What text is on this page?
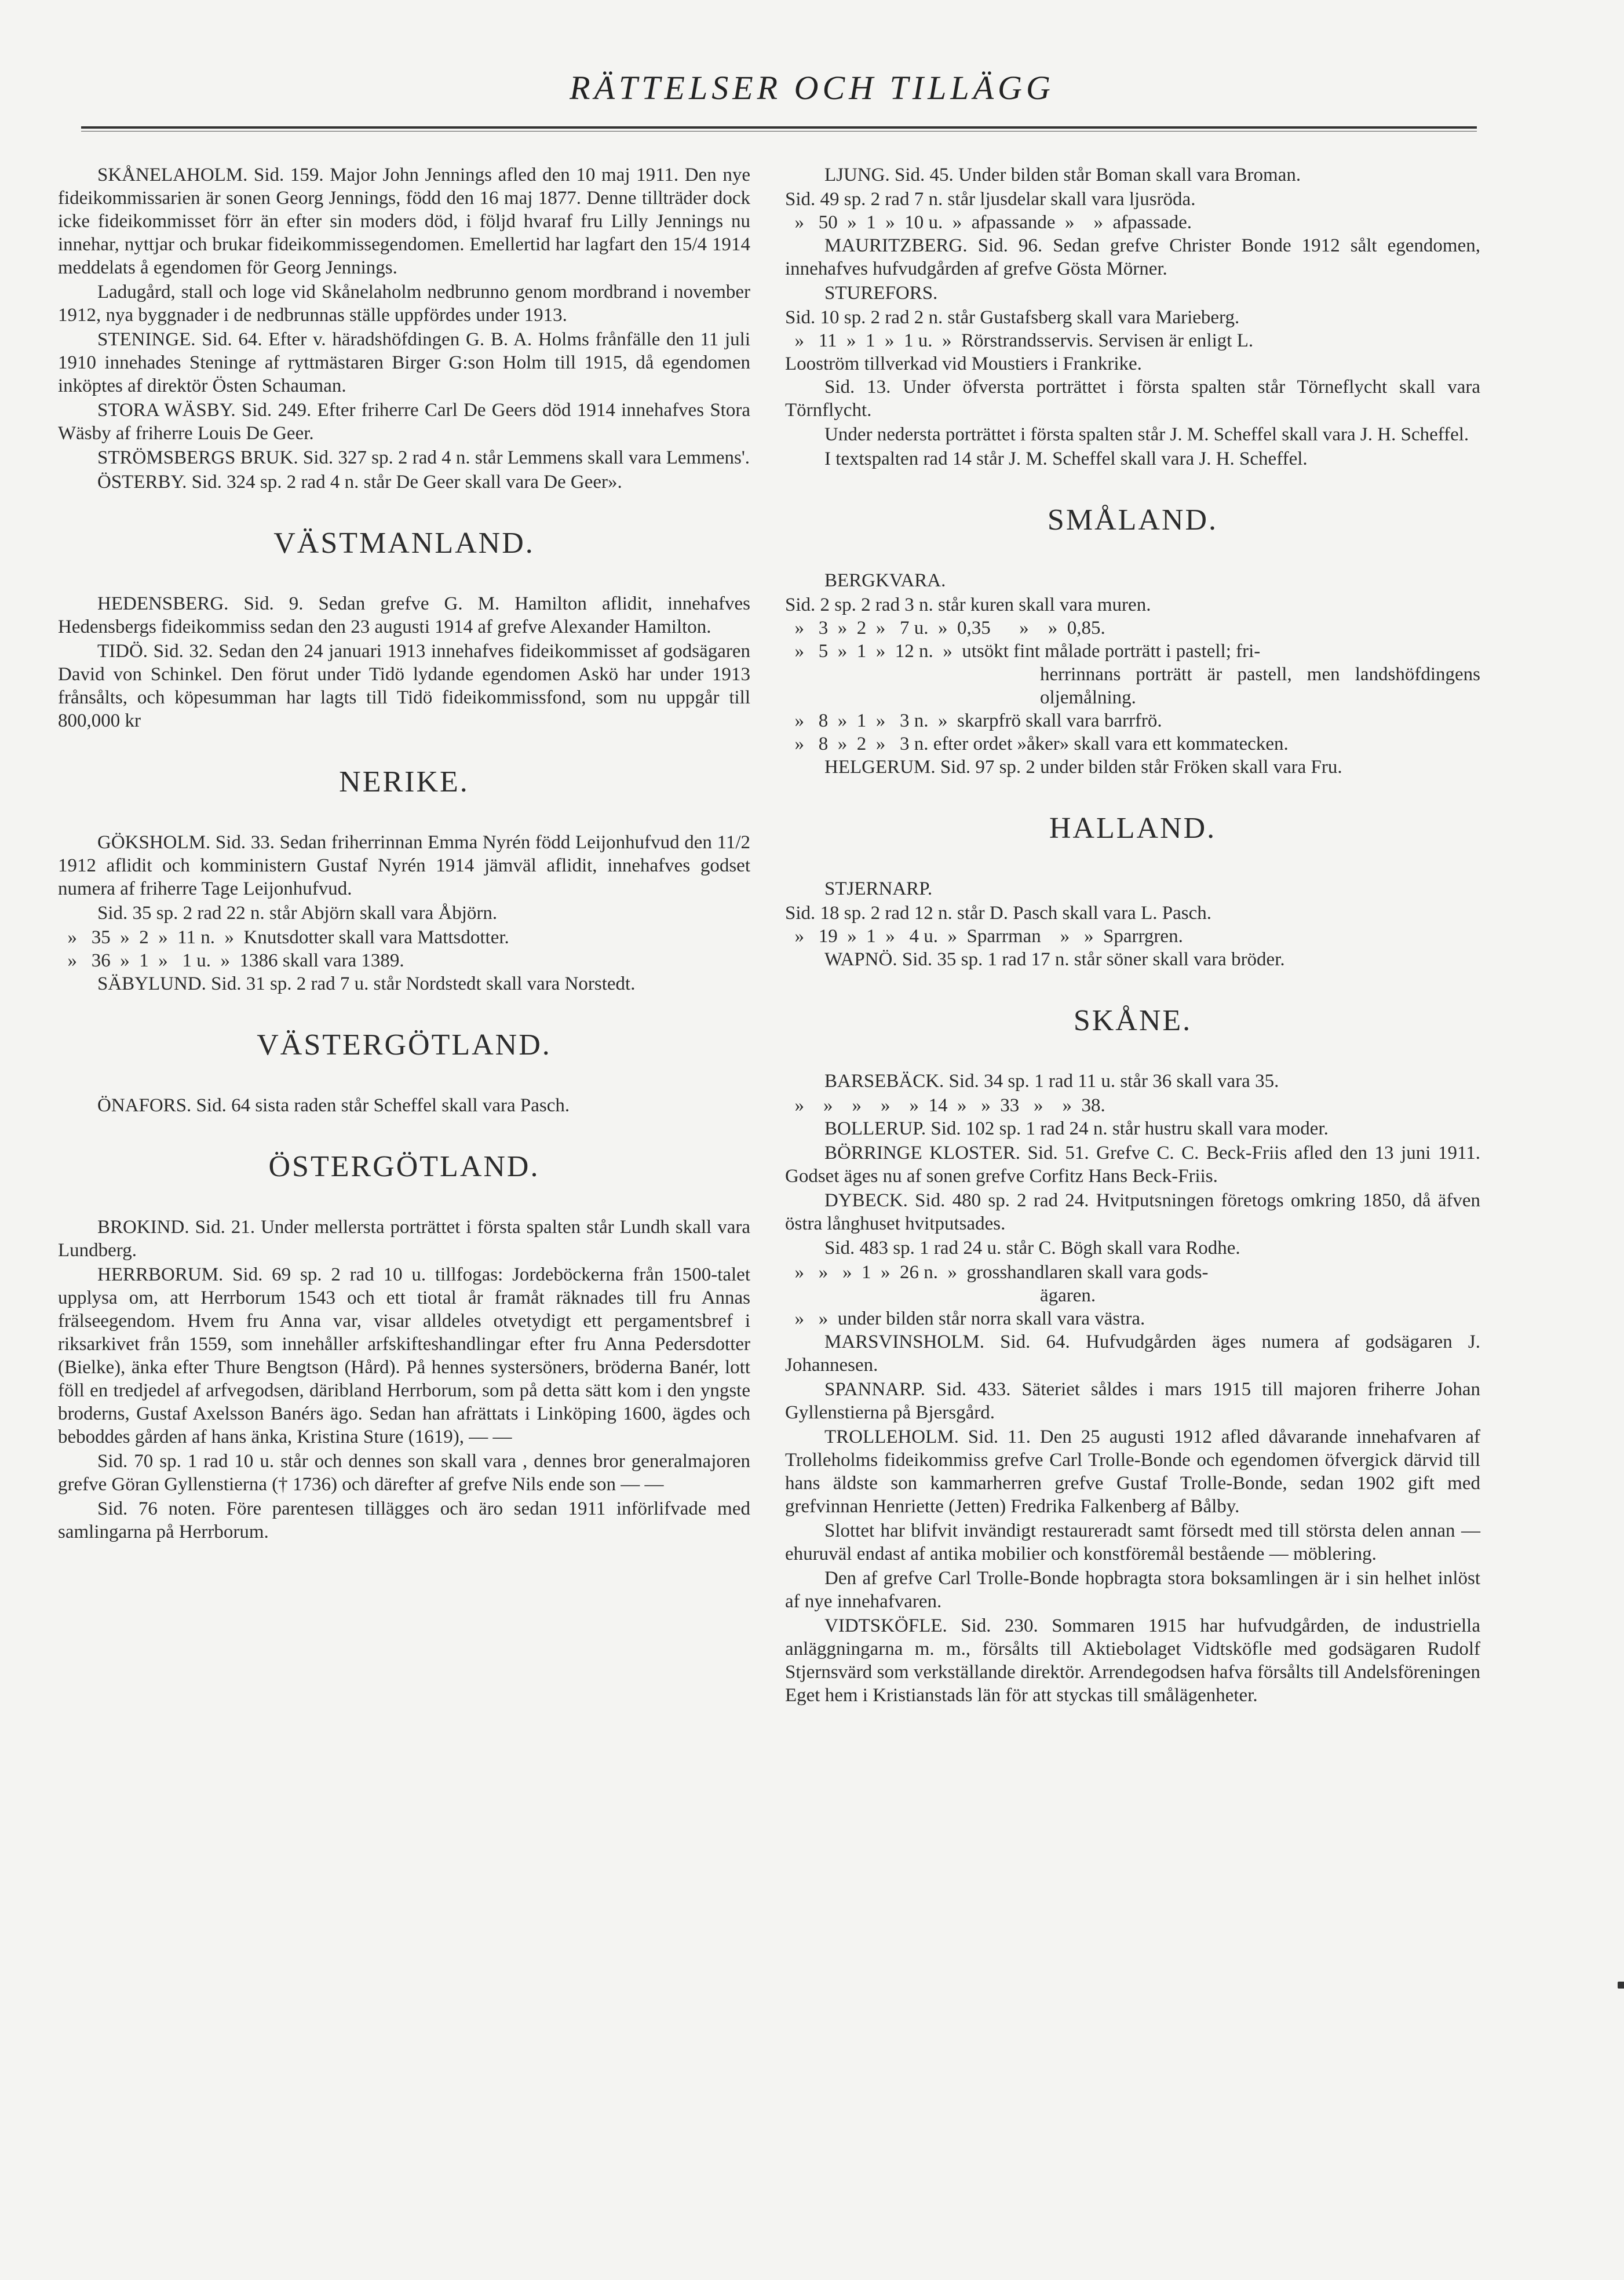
RÄTTELSER OCH TILLÄGG

SKÅNELAHOLM. Sid. 159. Major John Jennings afled den 10 maj 1911. Den nye fideikommissarien är sonen Georg Jennings, född den 16 maj 1877. Denne tillträder dock icke fideikommisset förr än efter sin moders död, i följd hvaraf fru Lilly Jennings nu innehar, nyttjar och brukar fideikommissegendomen. Emellertid har lagfart den 15/4 1914 meddelats å egendomen för Georg Jennings.

Ladugård, stall och loge vid Skånelaholm nedbrunno genom mordbrand i november 1912, nya byggnader i de nedbrunnas ställe uppfördes under 1913.

STENINGE. Sid. 64. Efter v. häradshöfdingen G. B. A. Holms frånfälle den 11 juli 1910 innehades Steninge af ryttmästaren Birger G:son Holm till 1915, då egendomen inköptes af direktör Östen Schauman.

STORA WÄSBY. Sid. 249. Efter friherre Carl De Geers död 1914 innehafves Stora Wäsby af friherre Louis De Geer.

STRÖMSBERGS BRUK. Sid. 327 sp. 2 rad 4 n. står Lemmens skall vara Lemmens'.

ÖSTERBY. Sid. 324 sp. 2 rad 4 n. står De Geer skall vara De Geer».

VÄSTMANLAND.

HEDENSBERG. Sid. 9. Sedan grefve G. M. Hamilton aflidit, innehafves Hedensbergs fideikommiss sedan den 23 augusti 1914 af grefve Alexander Hamilton.

TIDÖ. Sid. 32. Sedan den 24 januari 1913 innehafves fideikommisset af godsägaren David von Schinkel. Den förut under Tidö lydande egendomen Askö har under 1913 frånsålts, och köpesumman har lagts till Tidö fideikommissfond, som nu uppgår till 800,000 kr

NERIKE.

GÖKSHOLM. Sid. 33. Sedan friherrinnan Emma Nyrén född Leijonhufvud den 11/2 1912 aflidit och komministern Gustaf Nyrén 1914 jämväl aflidit, innehafves godset numera af friherre Tage Leijonhufvud.

Sid. 35 sp. 2 rad 22 n. står Abjörn skall vara Åbjörn.

»   35  »  2  »  11 n.  »  Knutsdotter skall vara Mattsdotter.

»   36  »  1  »   1 u.  »  1386 skall vara 1389.

SÄBYLUND. Sid. 31 sp. 2 rad 7 u. står Nordstedt skall vara Norstedt.

VÄSTERGÖTLAND.

ÖNAFORS. Sid. 64 sista raden står Scheffel skall vara Pasch.

ÖSTERGÖTLAND.

BROKIND. Sid. 21. Under mellersta porträttet i första spalten står Lundh skall vara Lundberg.

HERRBORUM. Sid. 69 sp. 2 rad 10 u. tillfogas: Jordeböckerna från 1500-talet upplysa om, att Herrborum 1543 och ett tiotal år framåt räknades till fru Annas frälseegendom. Hvem fru Anna var, visar alldeles otvetydigt ett pergamentsbref i riksarkivet från 1559, som innehåller arfskifteshandlingar efter fru Anna Pedersdotter (Bielke), änka efter Thure Bengtson (Hård). På hennes systersöners, bröderna Banér, lott föll en tredjedel af arfvegodsen, däribland Herrborum, som på detta sätt kom i den yngste broderns, Gustaf Axelsson Banérs ägo. Sedan han afrättats i Linköping 1600, ägdes och beboddes gården af hans änka, Kristina Sture (1619), — —

Sid. 70 sp. 1 rad 10 u. står och dennes son skall vara , dennes bror generalmajoren grefve Göran Gyllenstierna († 1736) och därefter af grefve Nils ende son — —

Sid. 76 noten. Före parentesen tillägges och äro sedan 1911 införlifvade med samlingarna på Herrborum.

LJUNG. Sid. 45. Under bilden står Boman skall vara Broman.

Sid. 49 sp. 2 rad 7 n. står ljusdelar skall vara ljusröda.

»   50  »  1  »  10 u.  »  afpassande  »    »  afpassade.

MAURITZBERG. Sid. 96. Sedan grefve Christer Bonde 1912 sålt egendomen, innehafves hufvudgården af grefve Gösta Mörner.

STUREFORS.

Sid. 10 sp. 2 rad 2 n. står Gustafsberg skall vara Marieberg.

»   11  »  1  »  1 u.  »  Rörstrandsservis. Servisen är enligt L.

Looström tillverkad vid Moustiers i Frankrike.

Sid. 13. Under öfversta porträttet i första spalten står Törneflycht skall vara Törnflycht.

Under nedersta porträttet i första spalten står J. M. Scheffel skall vara J. H. Scheffel.

I textspalten rad 14 står J. M. Scheffel skall vara J. H. Scheffel.

SMÅLAND.

BERGKVARA.

Sid. 2 sp. 2 rad 3 n. står kuren skall vara muren.

»   3  »  2  »   7 u.  »  0,35      »    »  0,85.

»   5  »  1  »  12 n.  »  utsökt fint målade porträtt i pastell; fri-

herrinnans porträtt är pastell, men landshöfdingens oljemålning.

»   8  »  1  »   3 n.  »  skarpfrö skall vara barrfrö.

»   8  »  2  »   3 n. efter ordet »åker» skall vara ett kommatecken.

HELGERUM. Sid. 97 sp. 2 under bilden står Fröken skall vara Fru.

HALLAND.

STJERNARP.

Sid. 18 sp. 2 rad 12 n. står D. Pasch skall vara L. Pasch.

»   19  »  1  »   4 u.  »  Sparrman    »   »  Sparrgren.

WAPNÖ. Sid. 35 sp. 1 rad 17 n. står söner skall vara bröder.

SKÅNE.

BARSEBÄCK. Sid. 34 sp. 1 rad 11 u. står 36 skall vara 35.

»    »    »    »    »  14  »   »  33   »    »  38.

BOLLERUP. Sid. 102 sp. 1 rad 24 n. står hustru skall vara moder.

BÖRRINGE KLOSTER. Sid. 51. Grefve C. C. Beck-Friis afled den 13 juni 1911. Godset äges nu af sonen grefve Corfitz Hans Beck-Friis.

DYBECK. Sid. 480 sp. 2 rad 24. Hvitputsningen företogs omkring 1850, då äfven östra långhuset hvitputsades.

Sid. 483 sp. 1 rad 24 u. står C. Bögh skall vara Rodhe.

»   »   »  1  »  26 n.  »  grosshandlaren skall vara gods-

ägaren.

»   »  under bilden står norra skall vara västra.

MARSVINSHOLM. Sid. 64. Hufvudgården äges numera af godsägaren J. Johannesen.

SPANNARP. Sid. 433. Säteriet såldes i mars 1915 till majoren friherre Johan Gyllenstierna på Bjersgård.

TROLLEHOLM. Sid. 11. Den 25 augusti 1912 afled dåvarande innehafvaren af Trolleholms fideikommiss grefve Carl Trolle-Bonde och egendomen öfvergick därvid till hans äldste son kammarherren grefve Gustaf Trolle-Bonde, sedan 1902 gift med grefvinnan Henriette (Jetten) Fredrika Falkenberg af Bålby.

Slottet har blifvit invändigt restaureradt samt försedt med till största delen annan — ehuruväl endast af antika mobilier och konstföremål bestående — möblering.

Den af grefve Carl Trolle-Bonde hopbragta stora boksamlingen är i sin helhet inlöst af nye innehafvaren.

VIDTSKÖFLE. Sid. 230. Sommaren 1915 har hufvudgården, de industriella anläggningarna m. m., försålts till Aktiebolaget Vidtsköfle med godsägaren Rudolf Stjernsvärd som verkställande direktör. Arrendegodsen hafva försålts till Andelsföreningen Eget hem i Kristianstads län för att styckas till smålägenheter.
